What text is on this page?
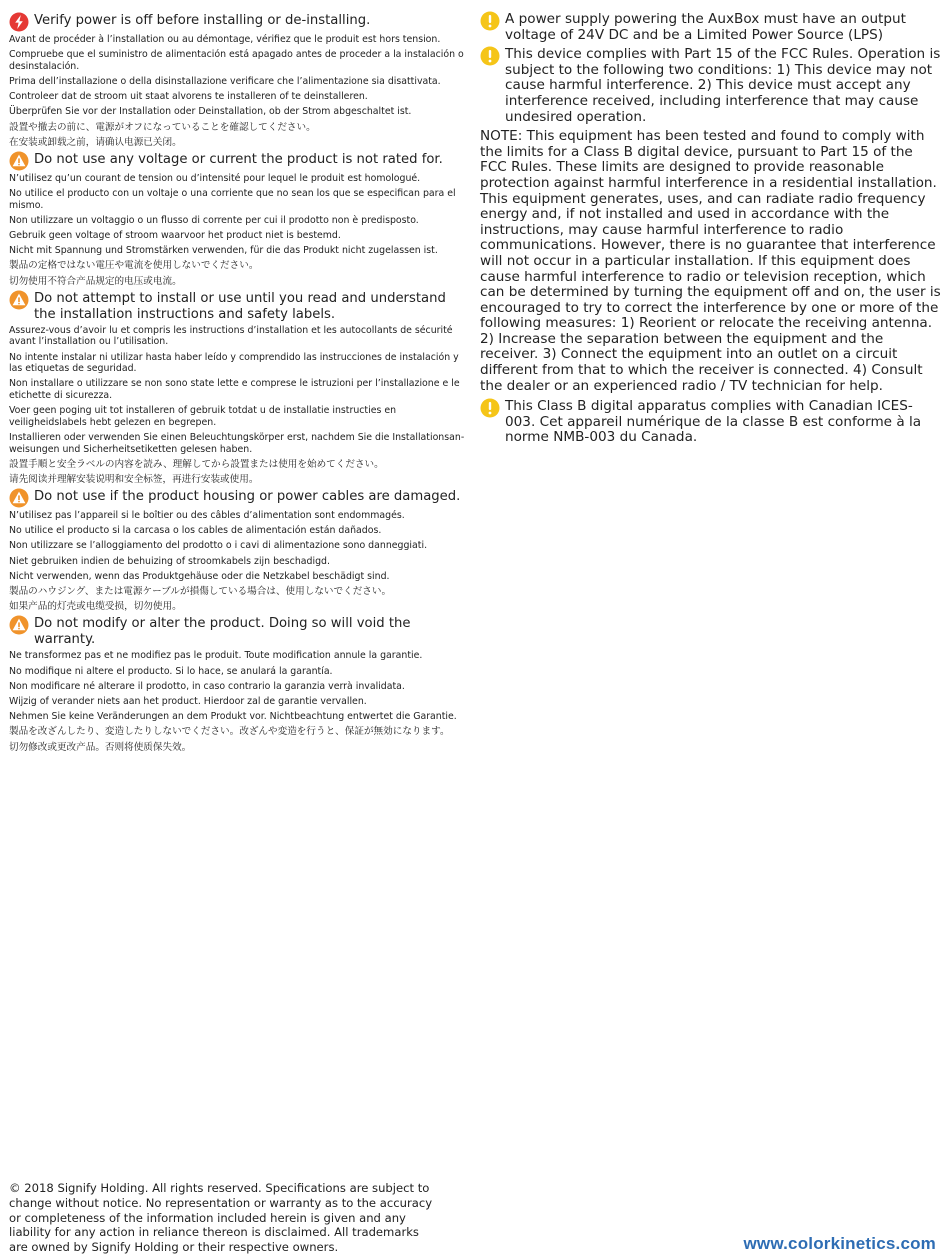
Verify power is off before installing or de-installing.
Avant de procéder à l’installation ou au démontage, vérifiez que le produit est hors tension.
Compruebe que el suministro de alimentación está apagado antes de proceder a la instalación o desinstalación.
Prima dell’installazione o della disinstallazione verificare che l’alimentazione sia disattivata.
Controleer dat de stroom uit staat alvorens te installeren of te deinstalleren.
Überprüfen Sie vor der Installation oder Deinstallation, ob der Strom abgeschaltet ist.
設置や撤去の前に、電源がオフになっていることを確認してください。
在安装或卸载之前，请确认电源已关闭。
Do not use any voltage or current the product is not rated for.
N’utilisez qu’un courant de tension ou d’intensité pour lequel le produit est homologué.
No utilice el producto con un voltaje o una corriente que no sean los que se especifican para el mismo.
Non utilizzare un voltaggio o un flusso di corrente per cui il prodotto non è predisposto.
Gebruik geen voltage of stroom waarvoor het product niet is bestemd.
Nicht mit Spannung und Stromstärken verwenden, für die das Produkt nicht zugelassen ist.
製品の定格ではない電圧や電流を使用しないでください。
切勿使用不符合产品规定的电压或电流。
Do not attempt to install or use until you read and understand the installation instructions and safety labels.
Assurez-vous d’avoir lu et compris les instructions d’installation et les autocollants de sécurité avant l’installation ou l’utilisation.
No intente instalar ni utilizar hasta haber leído y comprendido las instrucciones de instalación y las etiquetas de seguridad.
Non installare o utilizzare se non sono state lette e comprese le istruzioni per l’installazione e le etichette di sicurezza.
Voer geen poging uit tot installeren of gebruik totdat u de installatie instructies en veiligheidslabels hebt gelezen en begrepen.
Installieren oder verwenden Sie einen Beleuchtungskörper erst, nachdem Sie die Installationsan-weisungen und Sicherheitsetiketten gelesen haben.
設置手順と安全ラベルの内容を読み、理解してから設置または使用を始めてください。
请先阅读并理解安装说明和安全标签，再进行安装或使用。
Do not use if the product housing or power cables are damaged.
N’utilisez pas l’appareil si le boîtier ou des câbles d’alimentation sont endommagés.
No utilice el producto si la carcasa o los cables de alimentación están dañados.
Non utilizzare se l’alloggiamento del prodotto o i cavi di alimentazione sono danneggiati.
Niet gebruiken indien de behuizing of stroomkabels zijn beschadigd.
Nicht verwenden, wenn das Produktgehäuse oder die Netzkabel beschädigt sind.
製品のハウジング、または電源ケーブルが損傷している場合は、使用しないでください。
如果产品的灯壳或电缆受损，切勿使用。
Do not modify or alter the product. Doing so will void the warranty.
Ne transformez pas et ne modifiez pas le produit. Toute modification annule la garantie.
No modifique ni altere el producto. Si lo hace, se anulará la garantía.
Non modificare né alterare il prodotto, in caso contrario la garanzia verrà invalidata.
Wijzig of verander niets aan het product. Hierdoor zal de garantie vervallen.
Nehmen Sie keine Veränderungen an dem Produkt vor. Nichtbeachtung entwertet die Garantie.
製品を改ざんしたり、変造したりしないでください。改ざんや変造を行うと、保証が無効になります。
切勿修改或更改产品。否则将使质保失效。
A power supply powering the AuxBox must have an output voltage of 24V DC and be a Limited Power Source (LPS)
This device complies with Part 15 of the FCC Rules. Operation is subject to the following two conditions: 1) This device may not cause harmful interference. 2) This device must accept any interference received, including interference that may cause undesired operation.

NOTE: This equipment has been tested and found to comply with the limits for a Class B digital device, pursuant to Part 15 of the FCC Rules. These limits are designed to provide reasonable protection against harmful interference in a residential installation. This equipment generates, uses, and can radiate radio frequency energy and, if not installed and used in accordance with the instructions, may cause harmful interference to radio communications. However, there is no guarantee that interference will not occur in a particular installation. If this equipment does cause harmful interference to radio or television reception, which can be determined by turning the equipment off and on, the user is encouraged to try to correct the interference by one or more of the following measures: 1) Reorient or relocate the receiving antenna. 2) Increase the separation between the equipment and the receiver. 3) Connect the equipment into an outlet on a circuit different from that to which the receiver is connected. 4) Consult the dealer or an experienced radio / TV technician for help.

This Class B digital apparatus complies with Canadian ICES-003. Cet appareil numérique de la classe B est conforme à la norme NMB-003 du Canada.
© 2018 Signify Holding. All rights reserved. Specifications are subject to change without notice. No representation or warranty as to the accuracy or completeness of the information included herein is given and any liability for any action in reliance thereon is disclaimed. All trademarks are owned by Signify Holding or their respective owners.	www.colorkinetics.com
